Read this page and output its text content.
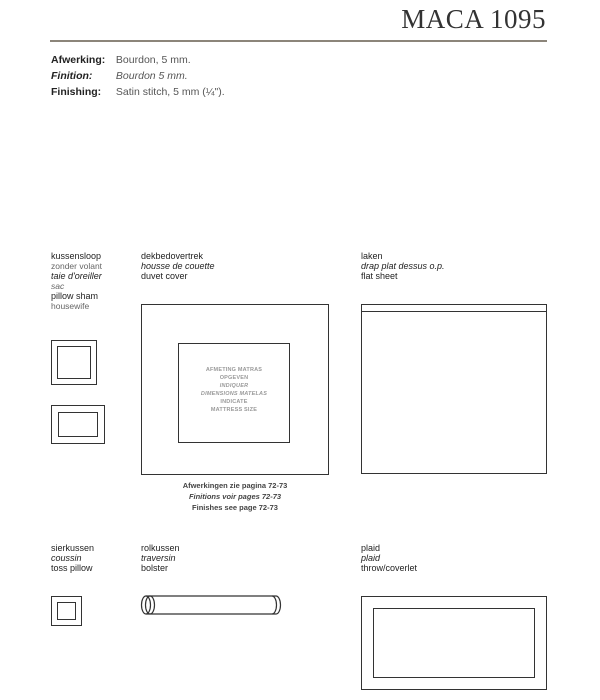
MACA 1095
Afwerking: Bourdon, 5 mm.
Finition: Bourdon 5 mm.
Finishing: Satin stitch, 5 mm (¼").
kussensloop
zonder volant
taie d'oreiller
sac
pillow sham
housewife
dekbedovertrek
housse de couette
duvet cover
AFMETING MATRAS
OPGEVEN
INDIQUER
DIMENSIONS MATELAS
INDICATE
MATTRESS SIZE
Afwerkingen zie pagina 72-73
Finitions voir pages 72-73
Finishes see page 72-73
laken
drap plat dessus o.p.
flat sheet
sierkussen
coussin
toss pillow
rolkussen
traversin
bolster
plaid
plaid
throw/coverlet
